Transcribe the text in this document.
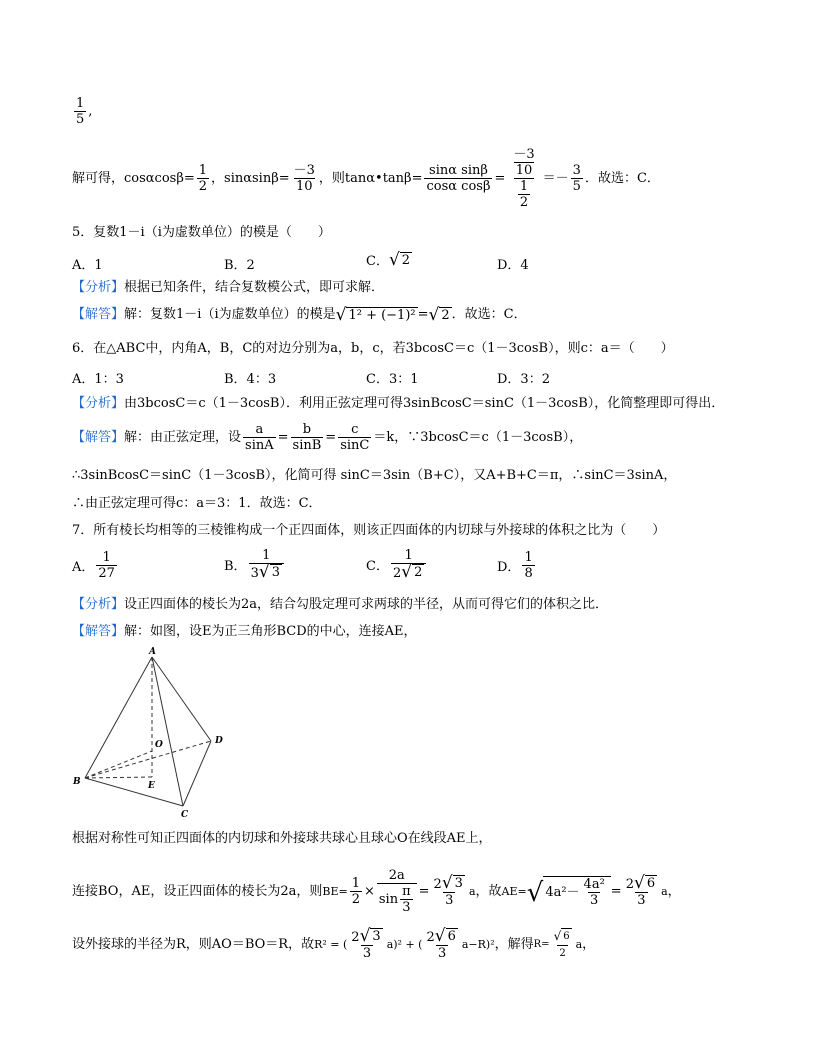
$\frac{1}{5}$ ,
解可得，$\cos\alpha\cos\beta= \frac{1}{2}$ ，$\sin\alpha\sin\beta= \frac{-3}{10}$ ，则tanα•tanβ= $\frac{\text{sinα sinβ}}{\text{cosα cosβ}} = \frac{\frac{-3}{10}}{\frac{1}{2}} =- \frac{3}{5}$ ．故选：C．
5．复数1－i（i为虚数单位）的模是（　　）
A．1	B．2	C． √ 2	D．4
【分析】根据已知条件，结合复数模公式，即可求解．
【解答】 解：复数1－i（i为虚数单位）的模是 √ 1² + (−1)² = √ 2 ．故选：C．
6．在△ABC中，内角A，B，C的对边分别为a，b，c，若3bcosC＝c（1－3cosB），则c：a＝（　　）
A．1：3	B．4：3	C．3：1	D．3：2
【分析】由3bcosC＝c（1－3cosB）．利用正弦定理可得3sinBcosC＝sinC（1－3cosB），化简整理即可得出．
【解答】 解：由正弦定理，设 $\frac{a}{\sin A} = \frac{b}{\sin B} = \frac{c}{\sin C} =k$，∵3bcosC＝c（1－3cosB），
∴3sinBcosC＝sinC（1－3cosB），化简可得 sinC＝3sin（B+C），又A+B+C＝π，∴sinC＝3sinA，
∴由正弦定理可得c：a＝3：1．故选：C．
7．所有棱长均相等的三棱锥构成一个正四面体，则该正四面体的内切球与外接球的体积之比为（　　）
A． $\frac{1}{27}$	B． $\frac{1}{3 √ 3}$	C． $\frac{1}{2 √ 2}$	D． $\frac{1}{8}$
【分析】设正四面体的棱长为2a，结合勾股定理可求两球的半径，从而可得它们的体积之比．
【解答】解：如图，设E为正三角形BCD的中心，连接AE，
A
B
C
D
O
E
根据对称性可知正四面体的内切球和外接球共球心且球心O在线段AE上，
连接BO，AE，设正四面体的棱长为2a，则 $BE= \frac{1}{2} \times \frac{2a}{\sin \frac{\pi}{3}} = \frac{2 √ 3}{3}$ a ，故 AE= √ $4a^2- \frac{\text{4a²}}{3} = \frac{2 √ 6}{3}$ a ，
设外接球的半径为R，则AO＝BO＝R，故 R² = ( $\frac{2 √ 3}{3} a)^2$ + ( $\frac{2 √ 6}{3} a-R)^2$ ，解得 $R= \frac{√ 6}{2}$ a ，
